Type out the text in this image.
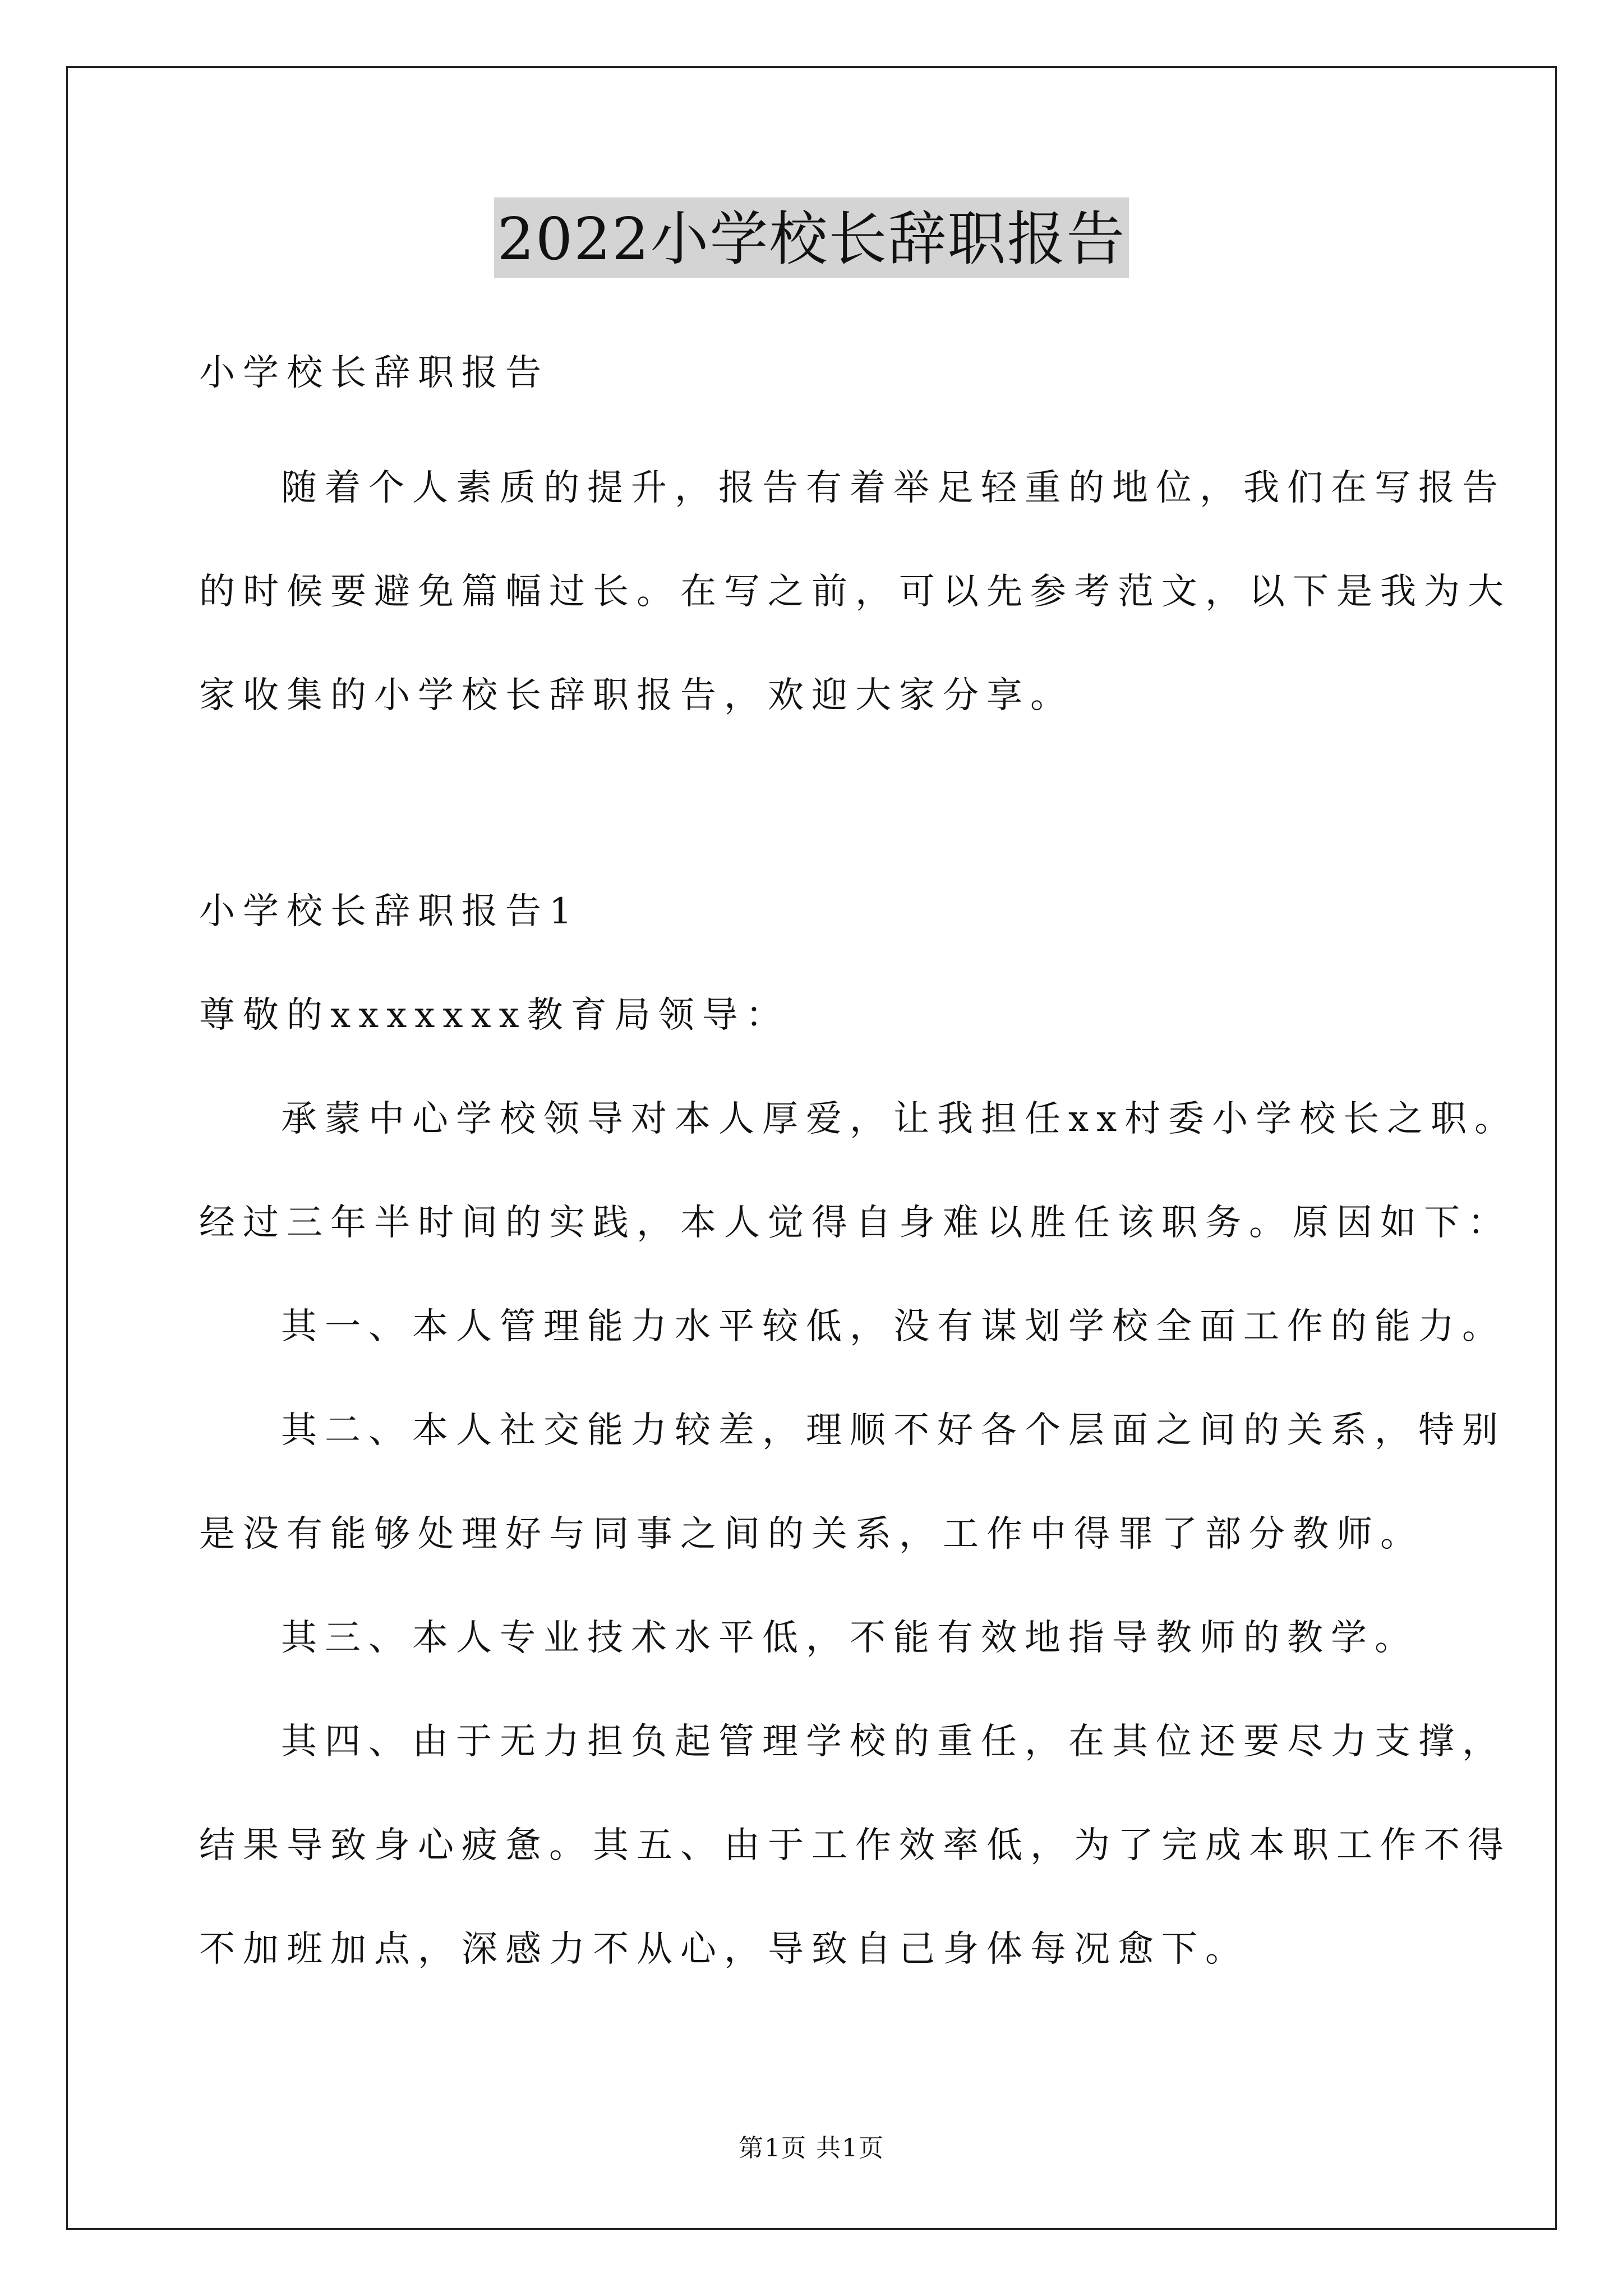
2022小学校长辞职报告
小学校长辞职报告
随着个人素质的提升，报告有着举足轻重的地位，我们在写报告
的时候要避免篇幅过长。在写之前，可以先参考范文，以下是我为大
家收集的小学校长辞职报告，欢迎大家分享。
小学校长辞职报告1
尊敬的xxxxxxx教育局领导：
承蒙中心学校领导对本人厚爱，让我担任xx村委小学校长之职。
经过三年半时间的实践，本人觉得自身难以胜任该职务。原因如下：
其一、本人管理能力水平较低，没有谋划学校全面工作的能力。
其二、本人社交能力较差，理顺不好各个层面之间的关系，特别
是没有能够处理好与同事之间的关系，工作中得罪了部分教师。
其三、本人专业技术水平低，不能有效地指导教师的教学。
其四、由于无力担负起管理学校的重任，在其位还要尽力支撑，
结果导致身心疲惫。其五、由于工作效率低，为了完成本职工作不得
不加班加点，深感力不从心，导致自己身体每况愈下。
第1页 共1页
